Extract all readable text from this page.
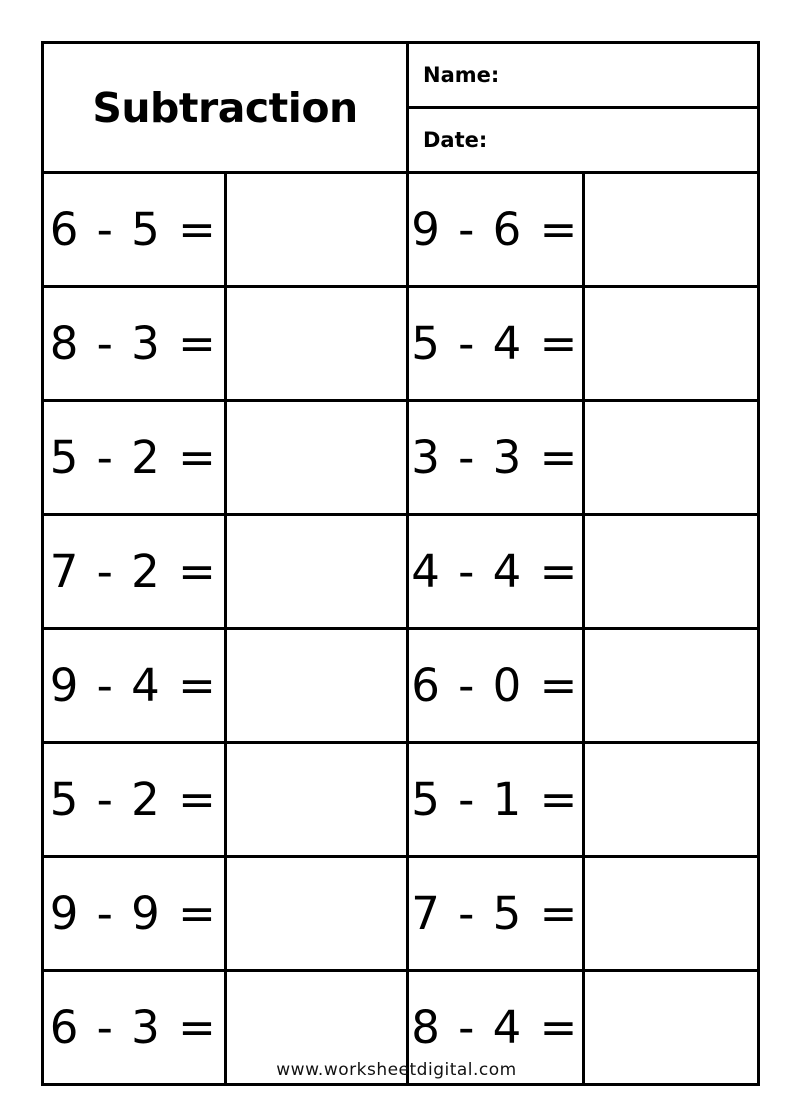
Subtraction	
Name:
Date:

6 - 5 =		9 - 6 =	
8 - 3 =		5 - 4 =	
5 - 2 =		3 - 3 =	
7 - 2 =		4 - 4 =	
9 - 4 =		6 - 0 =	
5 - 2 =		5 - 1 =	
9 - 9 =		7 - 5 =	
6 - 3 =		8 - 4 =	
www.worksheetdigital.com
